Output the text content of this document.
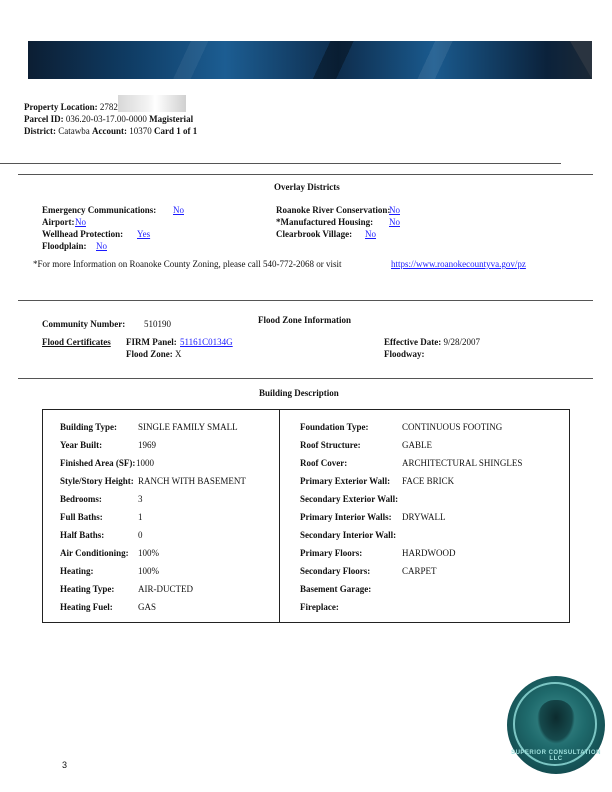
Property Location: 2782
Parcel ID: 036.20-03-17.00-0000 Magisterial
District: Catawba Account: 10370 Card 1 of 1
Overlay Districts
Emergency Communications: No
Airport: No
Wellhead Protection: Yes
Floodplain: No
Roanoke River Conservation:
No
*Manufactured Housing: No
Clearbrook Village: No
*For more Information on Roanoke County Zoning, please call 540-772-2068 or visit	https://www.roanokecountyva.gov/pz
Flood Zone Information
Community Number: 510190
Flood Certificates FIRM Panel: 51161C0134G
Flood Zone: X
Effective Date: 9/28/2007
Floodway:
Building Description
Building Type: SINGLE FAMILY SMALL
Year Built:	1969
Finished Area (SF): 1000
Style/Story Height: RANCH WITH BASEMENT
Bedrooms:	3
Full Baths:	1
Half Baths:	0
Air Conditioning: 100%
Heating:	100%
Heating Type:	AIR-DUCTED
Heating Fuel:	GAS
Foundation Type:	CONTINUOUS FOOTING
Roof Structure:	GABLE
Roof Cover:	ARCHITECTURAL SHINGLES
Primary Exterior Wall: FACE BRICK
Secondary Exterior Wall:
Primary Interior Walls: DRYWALL
Secondary Interior Wall:
Primary Floors:	HARDWOOD
Secondary Floors:	CARPET
Basement Garage:
Fireplace:
3
SUPERIOR CONSULTATION LLC
